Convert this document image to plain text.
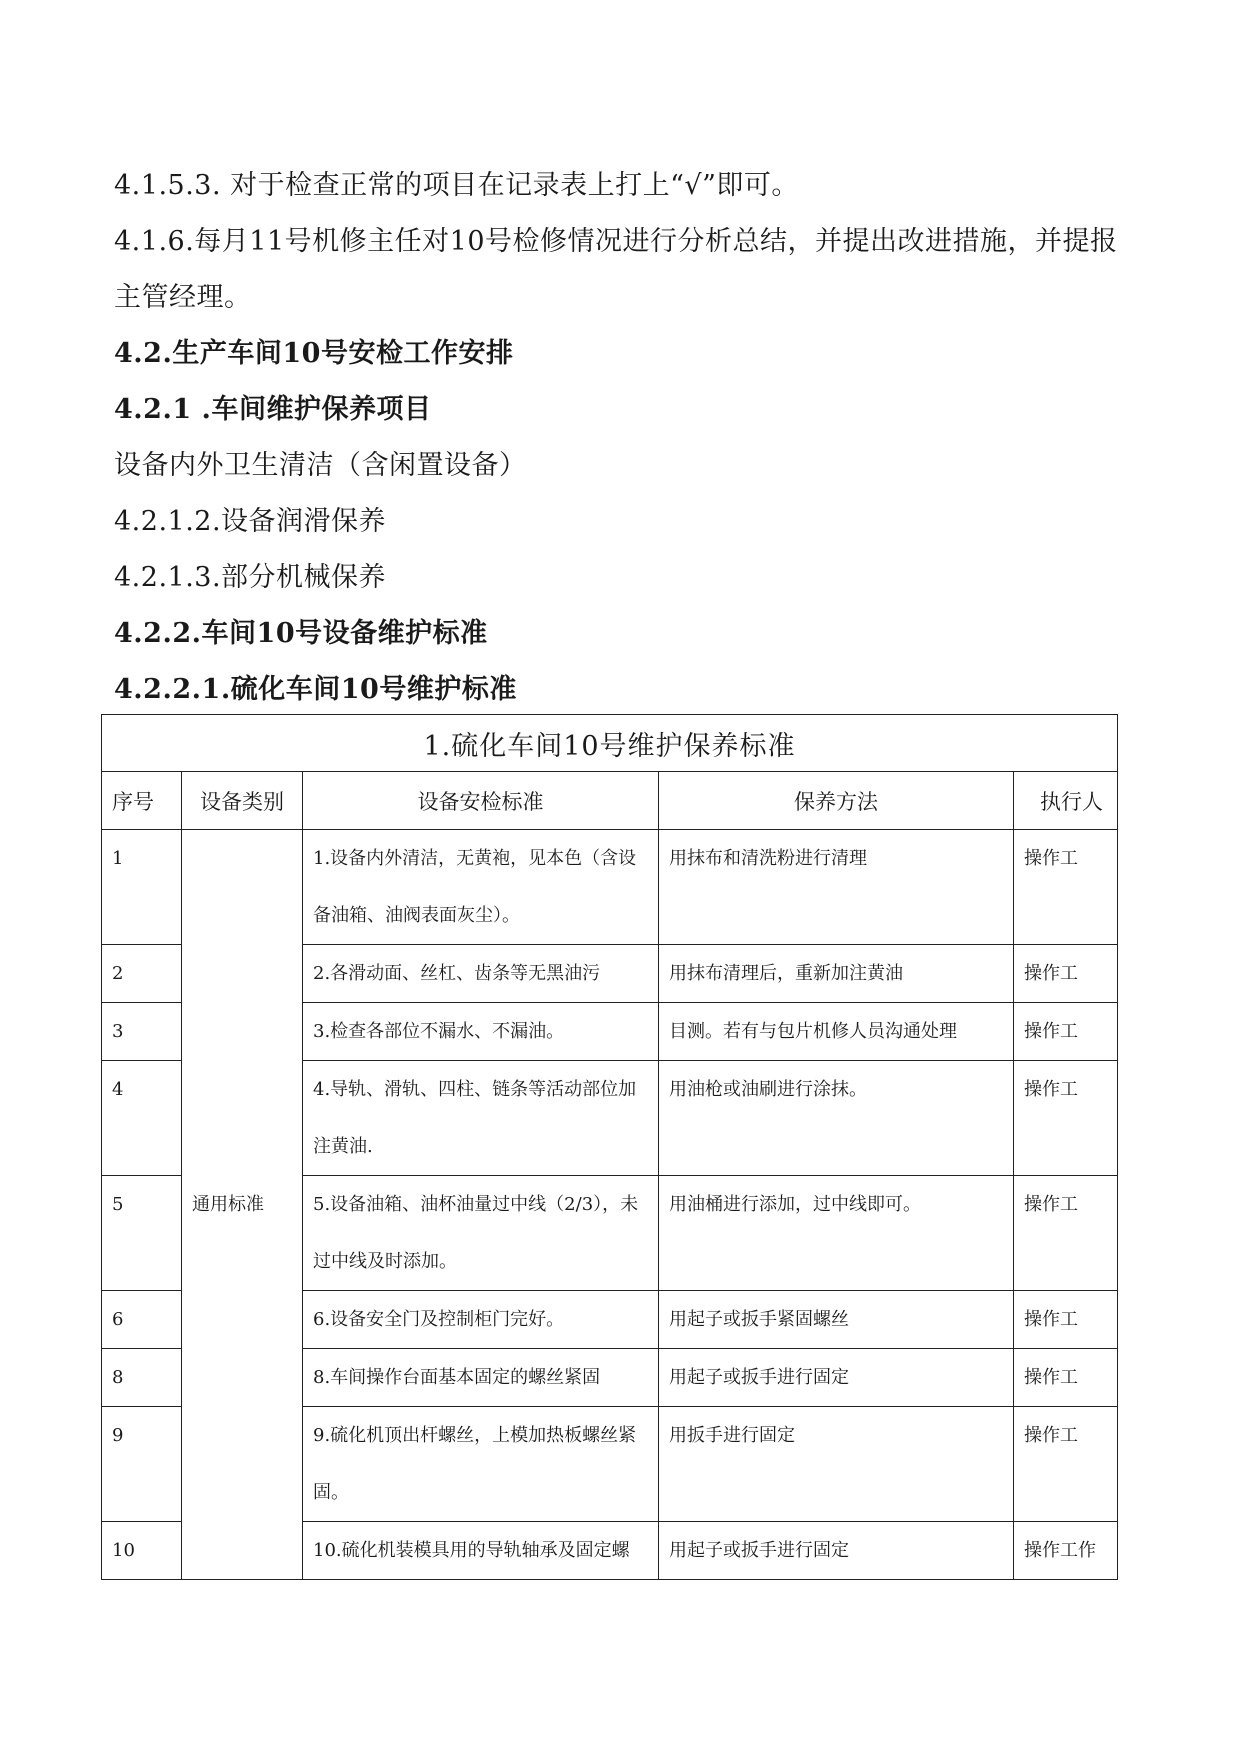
4.1.5.3. 对于检查正常的项目在记录表上打上“√”即可。
4.1.6.每月11号机修主任对10号检修情况进行分析总结，并提出改进措施，并提报主管经理。
4.2.生产车间10号安检工作安排
4.2.1 .车间维护保养项目
设备内外卫生清洁（含闲置设备）
4.2.1.2.设备润滑保养
4.2.1.3.部分机械保养
4.2.2.车间10号设备维护标准
4.2.2.1.硫化车间10号维护标准
1.硫化车间10号维护保养标准				
序号	设备类别	设备安检标准	保养方法	执行人
1	通用标准	1.设备内外清洁，无黄袍，见本色（含设备油箱、油阀表面灰尘）。	用抹布和清洗粉进行清理	操作工
2		2.各滑动面、丝杠、齿条等无黑油污	用抹布清理后，重新加注黄油	操作工
3		3.检查各部位不漏水、不漏油。	目测。若有与包片机修人员沟通处理	操作工
4		4.导轨、滑轨、四柱、链条等活动部位加注黄油.	用油枪或油刷进行涂抹。	操作工
5		5.设备油箱、油杯油量过中线（2/3），未过中线及时添加。	用油桶进行添加，过中线即可。	操作工
6		6.设备安全门及控制柜门完好。	用起子或扳手紧固螺丝	操作工
8		8.车间操作台面基本固定的螺丝紧固	用起子或扳手进行固定	操作工
9		9.硫化机顶出杆螺丝，上模加热板螺丝紧固。	用扳手进行固定	操作工
10		10.硫化机装模具用的导轨轴承及固定螺	用起子或扳手进行固定	操作工作
